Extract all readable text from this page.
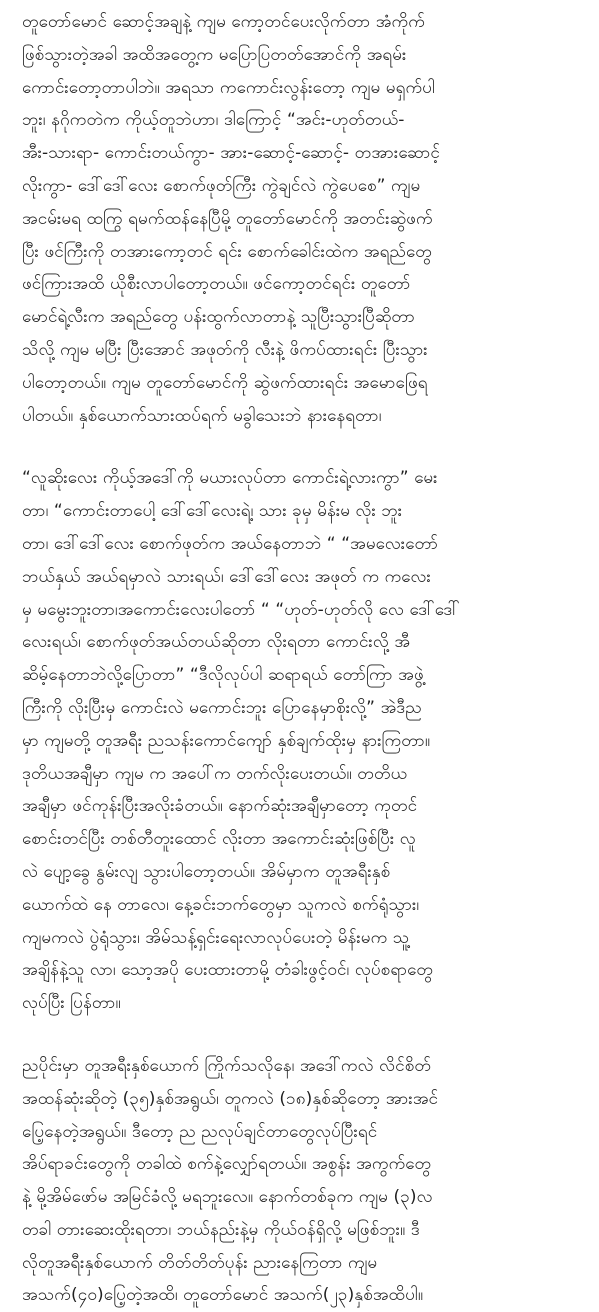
တူတော်မောင် ဆောင့်အချနဲ့ ကျမ ကော့တင်ပေးလိုက်တာ အံကိုက်
ဖြစ်သွားတဲ့အခါ အထိအတွေ့က မပြောပြတတ်အောင်ကို အရမ်း
ကောင်းတော့တာပါဘဲ။ အရသာ ကကောင်းလွန်းတော့ ကျမ မရှက်ပါ
ဘူး၊ နဂိုကတဲက ကိုယ့်တူဘဲဟာ၊ ဒါကြောင့် “အင်း-ဟုတ်တယ်-
အီး-သားရာ- ကောင်းတယ်ကွာ- အား-ဆောင့်-ဆောင့်- တအားဆောင့်
လိုးကွာ- ဒေါ်ဒေါ်လေး စောက်ဖုတ်ကြီး ကွဲချင်လဲ ကွဲပေစေ” ကျမ
အငမ်းမရ ထကြွ ရမက်ထန်နေပြီမို့ တူတော်မောင်ကို အတင်းဆွဲဖက်
ပြီး ဖင်ကြီးကို တအားကော့တင် ရင်း စောက်ခေါင်းထဲက အရည်တွေ
ဖင်ကြားအထိ ယိုစီးလာပါတော့တယ်။ ဖင်ကော့တင်ရင်း တူတော်
မောင်ရဲ့လီးက အရည်တွေ ပန်းထွက်လာတာနဲ့ သူပြီးသွားပြီဆိုတာ
သိလို့ ကျမ မပြီး ပြီးအောင် အဖုတ်ကို လီးနဲ့ ဖိကပ်ထားရင်း ပြီးသွား
ပါတော့တယ်။ ကျမ တူတော်မောင်ကို ဆွဲဖက်ထားရင်း အမောဖြေရ
ပါတယ်။ နှစ်ယောက်သားထပ်ရက် မခွါသေးဘဲ နားနေရတာ၊

“လူဆိုးလေး ကိုယ့်အဒေါ်ကို မယားလုပ်တာ ကောင်းရဲ့လားကွာ” မေး
တာ၊ “ကောင်းတာပေါ့ ဒေါ်ဒေါ်လေးရဲ့၊ သား ခုမှ မိန်းမ လိုး ဘူး
တာ၊ ဒေါ်ဒေါ်လေး စောက်ဖုတ်က အယ်နေတာဘဲ “ “အမလေးတော်
ဘယ်နှယ် အယ်ရမှာလဲ သားရယ်၊ ဒေါ်ဒေါ်လေး အဖုတ် က ကလေး
မှ မမွေးဘူးတာ၊အကောင်းလေးပါတော် “ “ဟုတ်-ဟုတ်လို လေ ဒေါ်ဒေါ်
လေးရယ်၊ စောက်ဖုတ်အယ်တယ်ဆိုတာ လိုးရတာ ကောင်းလို့ အီ
ဆိမ့်နေတာဘဲလို့ပြောတာ” “ဒီလိုလုပ်ပါ ဆရာရယ် တော်ကြာ အဖွဲ့
ကြီးကို လိုးပြီးမှ ကောင်းလဲ မကောင်းဘူး ပြောနေမှာစိုးလို့” အဲဒီည
မှာ ကျမတို့ တူအရီး ညသန်းကောင်ကျော် နှစ်ချက်ထိုးမှ နားကြတာ။
ဒုတိယအချီမှာ ကျမ က အပေါ်က တက်လိုးပေးတယ်။ တတိယ
အချီမှာ ဖင်ကုန်းပြီးအလိုးခံတယ်။ နောက်ဆုံးအချီမှာတော့ ကုတင်
စောင်းတင်ပြီး တစ်တီတူးထောင် လိုးတာ အကောင်းဆုံးဖြစ်ပြီး လူ
လဲ ပျော့ခွေ နွမ်းလျ သွားပါတော့တယ်။ အိမ်မှာက တူအရီးနှစ်
ယောက်ထဲ နေ တာလေ၊ နေ့ခင်းဘက်တွေမှာ သူကလဲ စက်ရုံသွား၊
ကျမကလဲ ပွဲရုံသွား၊ အိမ်သန့်ရှင်းရေးလာလုပ်ပေးတဲ့ မိန်းမက သူ့
အချိန်နဲ့သူ လာ၊ သော့အပို ပေးထားတာမို့ တံခါးဖွင့်ဝင်၊ လုပ်စရာတွေ
လုပ်ပြီး ပြန်တာ။

ညပိုင်းမှာ တူအရီးနှစ်ယောက် ကြိုက်သလိုနေ၊ အဒေါ်ကလဲ လိင်စိတ်
အထန်ဆုံးဆိုတဲ့ (၃၅)နှစ်အရွယ်၊ တူကလဲ (၁၈)နှစ်ဆိုတော့ အားအင်
ပြေ့နေတဲ့အရွယ်။ ဒီတော့ ည ညလုပ်ချင်တာတွေလုပ်ပြီးရင်
အိပ်ရာခင်းတွေကို တခါထဲ စက်နဲ့လျှော်ရတယ်။ အစွန်း အကွက်တွေ
နဲ့ မို့အိမ်ဖော်မ အမြင်ခံလို့ မရဘူးလေ။ နောက်တစ်ခုက ကျမ (၃)လ
တခါ တားဆေးထိုးရတာ၊ ဘယ်နည်းနဲ့မှ ကိုယ်ဝန်ရှိလို့ မဖြစ်ဘူး။ ဒီ
လိုတူအရီးနှစ်ယောက် တိတ်တိတ်ပုန်း ညားနေကြတာ ကျမ
အသက်(၄၀)ပြေ့တဲ့အထိ၊ တူတော်မောင် အသက်(၂၃)နှစ်အထိပါ။
